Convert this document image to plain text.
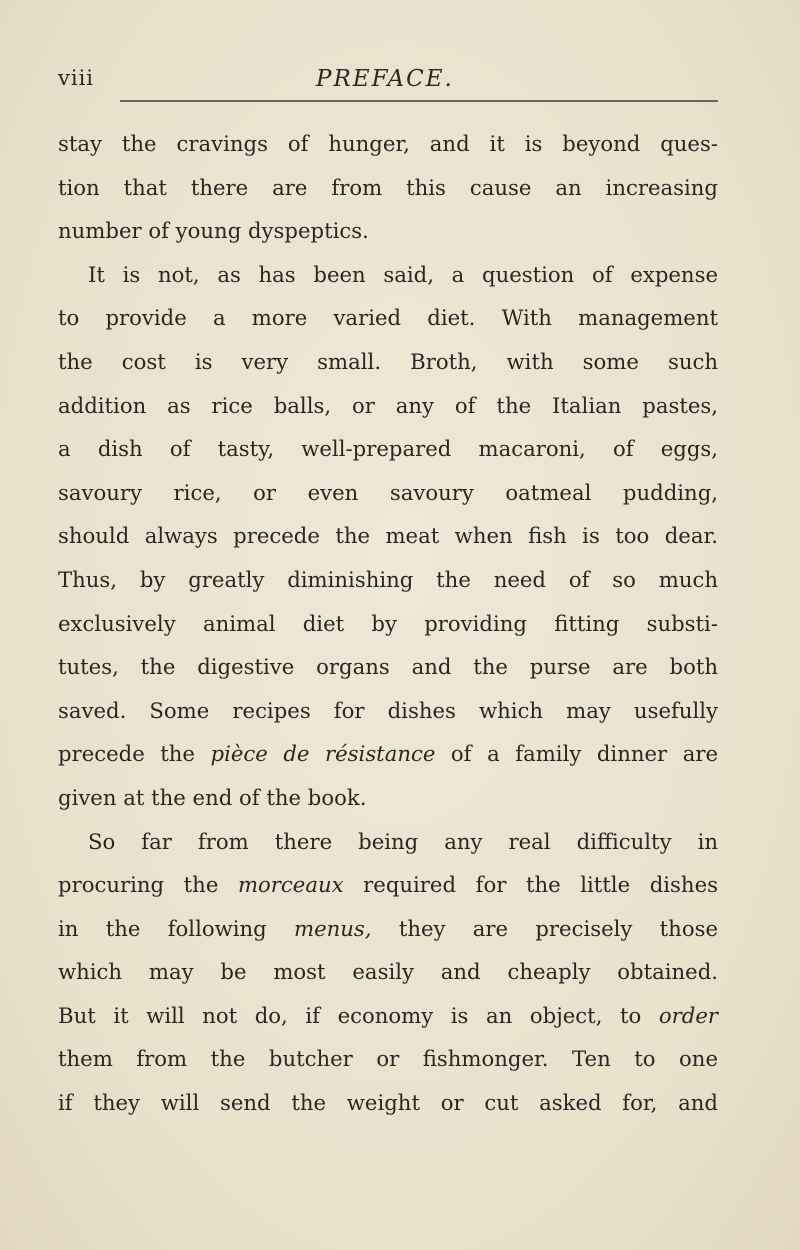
viii	PREFACE.
stay the cravings of hunger, and it is beyond ques-
tion that there are from this cause an increasing
number of young dyspeptics.
It is not, as has been said, a question of expense
to provide a more varied diet. With management
the cost is very small. Broth, with some such
addition as rice balls, or any of the Italian pastes,
a dish of tasty, well-prepared macaroni, of eggs,
savoury rice, or even savoury oatmeal pudding,
should always precede the meat when fish is too dear.
Thus, by greatly diminishing the need of so much
exclusively animal diet by providing fitting substi-
tutes, the digestive organs and the purse are both
saved. Some recipes for dishes which may usefully
precede the pièce de résistance of a family dinner are
given at the end of the book.
So far from there being any real difficulty in
procuring the morceaux required for the little dishes
in the following menus, they are precisely those
which may be most easily and cheaply obtained.
But it will not do, if economy is an object, to order
them from the butcher or fishmonger. Ten to one
if they will send the weight or cut asked for, and
